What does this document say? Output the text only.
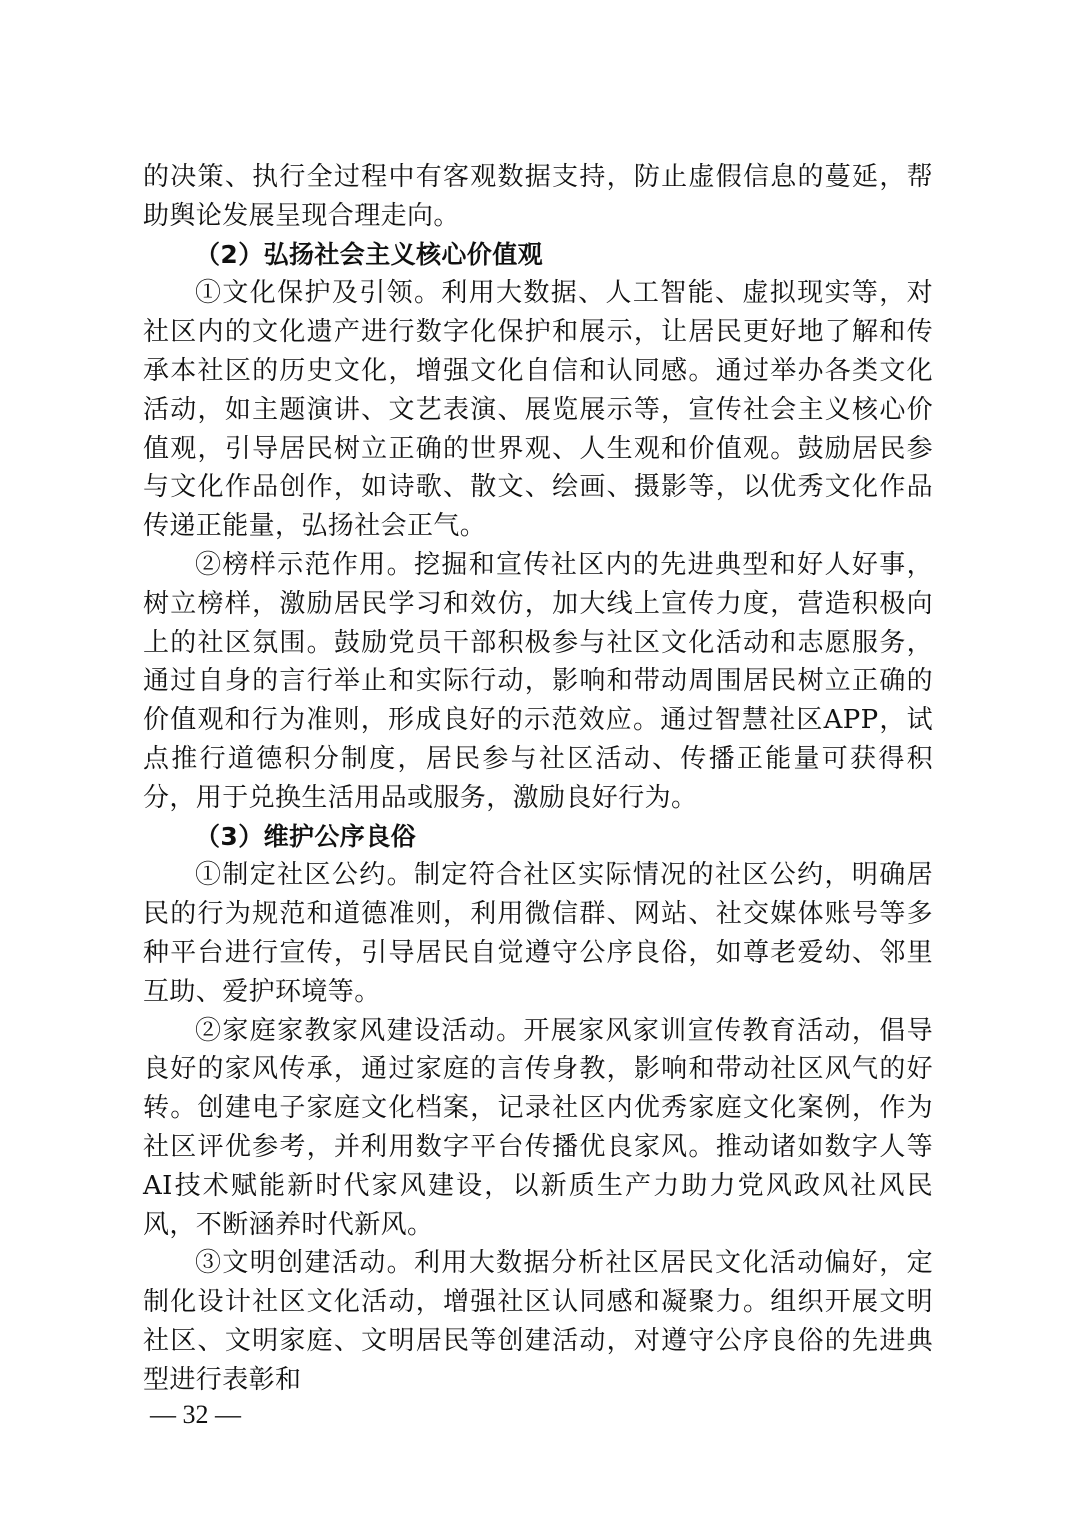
的决策、执行全过程中有客观数据支持，防止虚假信息的蔓延，帮助舆论发展呈现合理走向。

（2）弘扬社会主义核心价值观

①文化保护及引领。利用大数据、人工智能、虚拟现实等，对社区内的文化遗产进行数字化保护和展示，让居民更好地了解和传承本社区的历史文化，增强文化自信和认同感。通过举办各类文化活动，如主题演讲、文艺表演、展览展示等，宣传社会主义核心价值观，引导居民树立正确的世界观、人生观和价值观。鼓励居民参与文化作品创作，如诗歌、散文、绘画、摄影等，以优秀文化作品传递正能量，弘扬社会正气。

②榜样示范作用。挖掘和宣传社区内的先进典型和好人好事，树立榜样，激励居民学习和效仿，加大线上宣传力度，营造积极向上的社区氛围。鼓励党员干部积极参与社区文化活动和志愿服务，通过自身的言行举止和实际行动，影响和带动周围居民树立正确的价值观和行为准则，形成良好的示范效应。通过智慧社区APP，试点推行道德积分制度，居民参与社区活动、传播正能量可获得积分，用于兑换生活用品或服务，激励良好行为。

（3）维护公序良俗

①制定社区公约。制定符合社区实际情况的社区公约，明确居民的行为规范和道德准则，利用微信群、网站、社交媒体账号等多种平台进行宣传，引导居民自觉遵守公序良俗，如尊老爱幼、邻里互助、爱护环境等。

②家庭家教家风建设活动。开展家风家训宣传教育活动，倡导良好的家风传承，通过家庭的言传身教，影响和带动社区风气的好转。创建电子家庭文化档案，记录社区内优秀家庭文化案例，作为社区评优参考，并利用数字平台传播优良家风。推动诸如数字人等AI技术赋能新时代家风建设，以新质生产力助力党风政风社风民风，不断涵养时代新风。

③文明创建活动。利用大数据分析社区居民文化活动偏好，定制化设计社区文化活动，增强社区认同感和凝聚力。组织开展文明社区、文明家庭、文明居民等创建活动，对遵守公序良俗的先进典型进行表彰和

— 32 —
